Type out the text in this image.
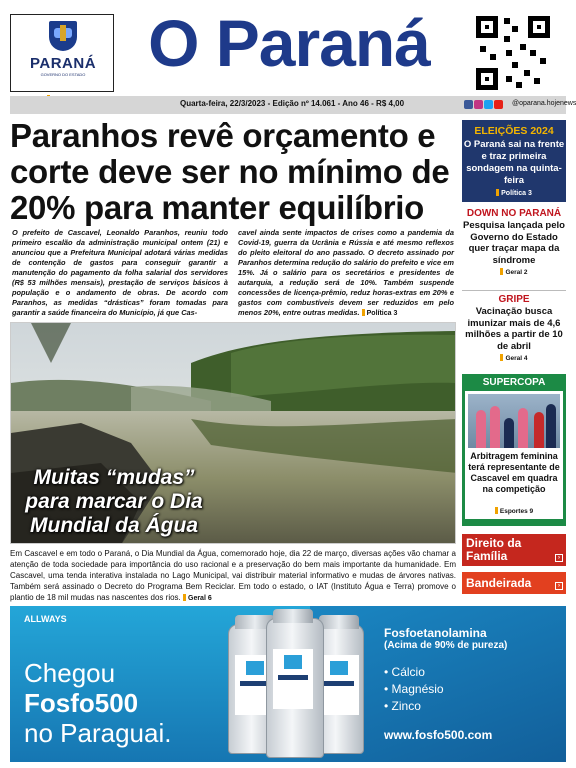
PARANÁ
GOVERNO DO ESTADO O Paraná
Quarta-feira, 22/3/2023 - Edição nº 14.061 - Ano 46 - R$ 4,00	@oparana.hojenews
Paranhos revê orçamento e corte deve ser no mínimo de 20% para manter equilíbrio

O prefeito de Cascavel, Leonaldo Paranhos, reuniu todo primeiro escalão da administração municipal ontem (21) e anunciou que a Prefeitura Municipal adotará várias medidas de contenção de gastos para conseguir garantir a manutenção do pagamento da folha salarial dos servidores (R$ 53 milhões mensais), prestação de serviços básicos à população e o andamento de obras. De acordo com Paranhos, as medidas “drásticas” foram tomadas para garantir a saúde financeira do Município, já que Cas-

cavel ainda sente impactos de crises como a pandemia da Covid-19, guerra da Ucrânia e Rússia e até mesmo reflexos do pleito eleitoral do ano passado. O decreto assinado por Paranhos determina redução do salário do prefeito e vice em 15%. Já o salário para os secretários e presidentes de autarquia, a redução será de 10%. Também suspende concessões de licença-prêmio, reduz horas-extras em 20% e gastos com combustíveis devem ser reduzidos em pelo menos 20%, entre outras medidas. Política 3

Muitas “mudas” para marcar o Dia Mundial da Água

Em Cascavel e em todo o Paraná, o Dia Mundial da Água, comemorado hoje, dia 22 de março, diversas ações vão chamar a atenção de toda sociedade para importância do uso racional e a preservação do bem mais importante da humanidade. Em Cascavel, uma tenda interativa instalada no Lago Municipal, vai distribuir material informativo e mudas de árvores nativas. Também será assinado o Decreto do Programa Bem Reciclar. Em todo o estado, o IAT (Instituto Água e Terra) promove o plantio de 18 mil mudas nas nascentes dos rios. Geral 6

ELEIÇÕES 2024
O Paraná sai na frente e traz primeira sondagem na quinta-feira
Política 3
DOWN NO PARANÁ
Pesquisa lançada pelo Governo do Estado quer traçar mapa da síndrome
Geral 2
GRIPE
Vacinação busca imunizar mais de 4,6 milhões a partir de 10 de abril
Geral 4
SUPERCOPA
Arbitragem feminina terá representante de Cascavel em quadra na competição
Esportes 9
Direito da Família	›
Bandeirada	›
ALLWAYS
Chegou
Fosfo500
no Paraguai.
Fosfoetanolamina
(Acima de 90% de pureza)
• Cálcio
• Magnésio
• Zinco
www.fosfo500.com
